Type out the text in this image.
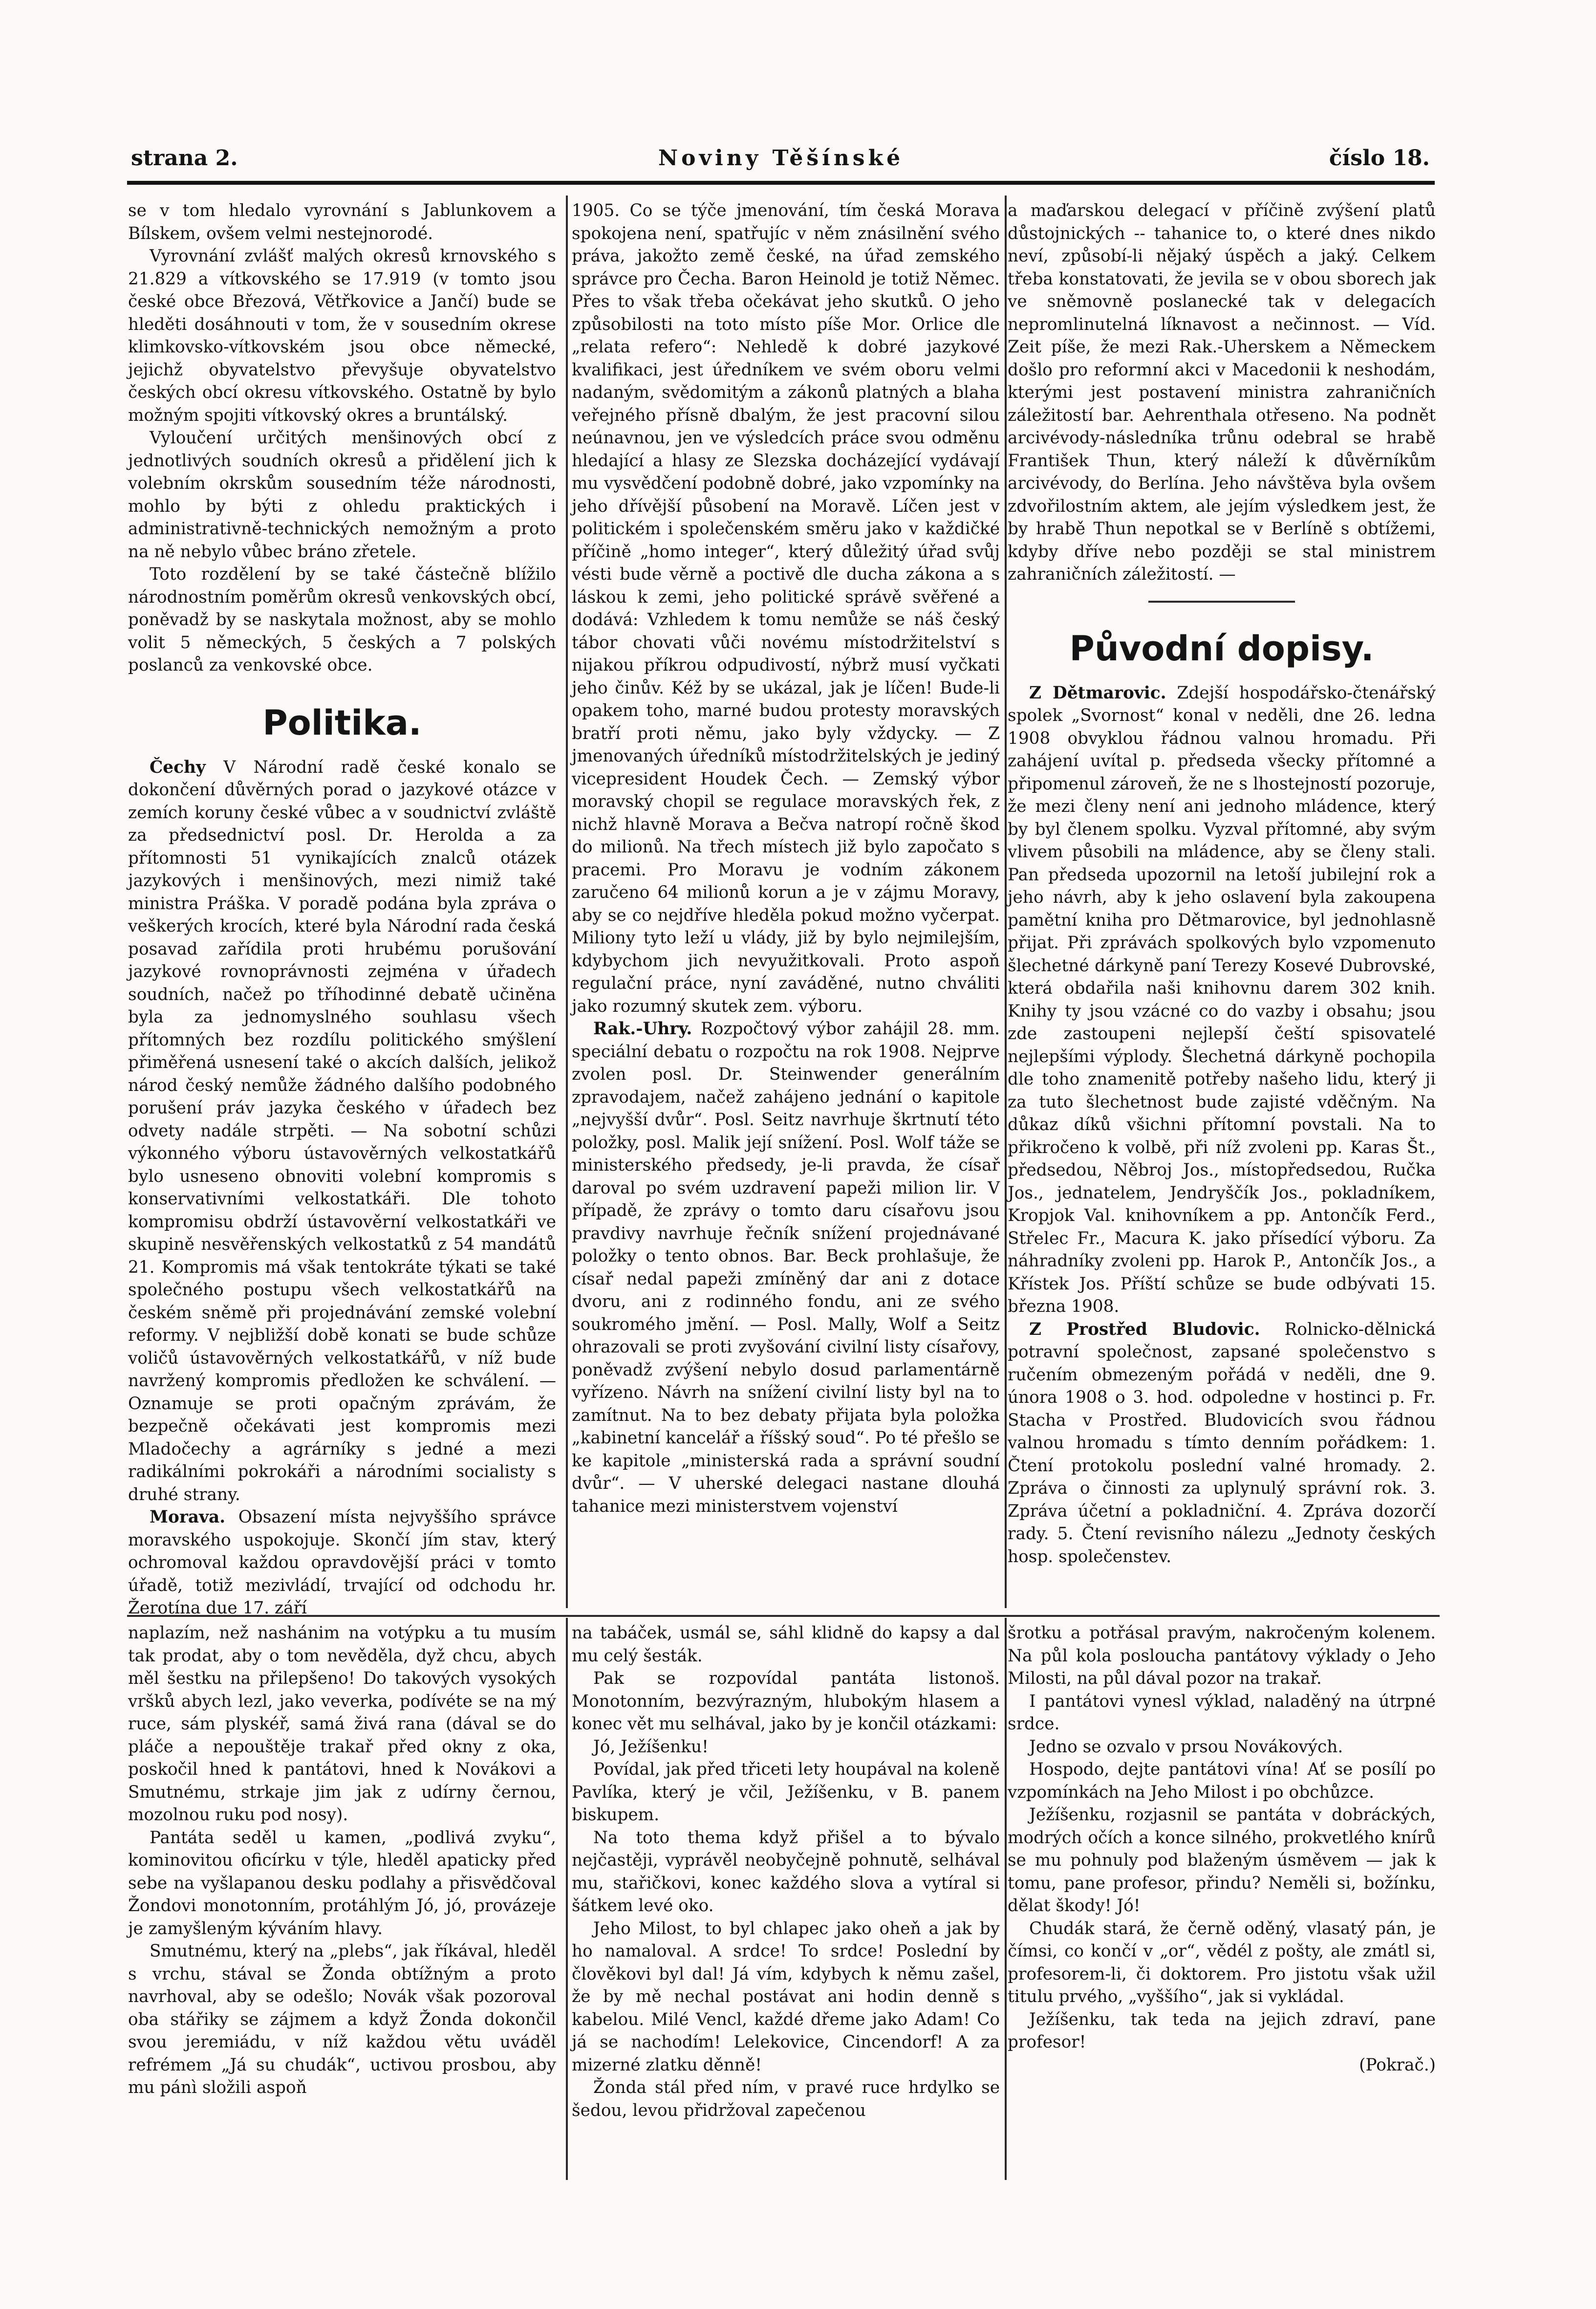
strana 2.	Noviny Těšínské	číslo 18.

se v tom hledalo vyrovnání s Jablunkovem a Bílskem, ovšem velmi nestejnorodé.

Vyrovnání zvlášť malých okresů krnovského s 21.829 a vítkovského se 17.919 (v tomto jsou české obce Březová, Větřkovice a Jančí) bude se hleděti dosáhnouti v tom, že v sousedním okrese klimkovsko-vítkovském jsou obce německé, jejichž obyvatelstvo převyšuje obyvatelstvo českých obcí okresu vítkovského. Ostatně by bylo možným spojiti vítkovský okres a bruntálský.

Vyloučení určitých menšinových obcí z jednotlivých soudních okresů a přidělení jich k volebním okrskům sousedním téže národnosti, mohlo by býti z ohledu praktických i administrativně-technických nemožným a proto na ně nebylo vůbec bráno zřetele.

Toto rozdělení by se také částečně blížilo národnostním poměrům okresů venkovských obcí, poněvadž by se naskytala možnost, aby se mohlo volit 5 německých, 5 českých a 7 polských poslanců za venkovské obce.

Politika.

Čechy V Národní radě české konalo se dokončení důvěrných porad o jazykové otázce v zemích koruny české vůbec a v soudnictví zvláště za předsednictví posl. Dr. Herolda a za přítomnosti 51 vynikajících znalců otázek jazykových i menšinových, mezi nimiž také ministra Práška. V poradě podána byla zpráva o veškerých krocích, které byla Národní rada česká posavad zařídila proti hrubému porušování jazykové rovnoprávnosti zejména v úřadech soudních, načež po tříhodinné debatě učiněna byla za jednomyslného souhlasu všech přítomných bez rozdílu politického smýšlení přiměřená usnesení také o akcích dalších, jelikož národ český nemůže žádného dalšího podobného porušení práv jazyka českého v úřadech bez odvety nadále strpěti. — Na sobotní schůzi výkonného výboru ústavověrných velkostatkářů bylo usneseno obnoviti volební kompromis s konservativními velkostatkáři. Dle tohoto kompromisu obdrží ústavověrní velkostatkáři ve skupině nesvěřenských velkostatků z 54 mandátů 21. Kompromis má však tentokráte týkati se také společného postupu všech velkostatkářů na českém sněmě při projednávání zemské volební reformy. V nejbližší době konati se bude schůze voličů ústavověrných velkostatkářů, v níž bude navržený kompromis předložen ke schválení. — Oznamuje se proti opačným zprávám, že bezpečně očekávati jest kompromis mezi Mladočechy a agrárníky s jedné a mezi radikálními pokrokáři a národními socialisty s druhé strany.

Morava. Obsazení místa nejvyššího správce moravského uspokojuje. Skončí jím stav, který ochromoval každou opravdovější práci v tomto úřadě, totiž mezivládí, trvající od odchodu hr. Žerotína due 17. září

1905. Co se týče jmenování, tím česká Morava spokojena není, spatřujíc v něm znásilnění svého práva, jakožto země české, na úřad zemského správce pro Čecha. Baron Heinold je totiž Němec. Přes to však třeba očekávat jeho skutků. O jeho způsobilosti na toto místo píše Mor. Orlice dle „relata refero“: Nehledě k dobré jazykové kvalifikaci, jest úředníkem ve svém oboru velmi nadaným, svědomitým a zákonů platných a blaha veřejného přísně dbalým, že jest pracovní silou neúnavnou, jen ve výsledcích práce svou odměnu hledající a hlasy ze Slezska docházející vydávají mu vysvědčení podobně dobré, jako vzpomínky na jeho dřívější působení na Moravě. Líčen jest v politickém i společenském směru jako v každičké příčině „homo integer“, který důležitý úřad svůj vésti bude věrně a poctivě dle ducha zákona a s láskou k zemi, jeho politické správě svěřené a dodává: Vzhledem k tomu nemůže se náš český tábor chovati vůči novému místodržitelství s nijakou příkrou odpudivostí, nýbrž musí vyčkati jeho činův. Kéž by se ukázal, jak je líčen! Bude-li opakem toho, marné budou protesty moravských bratří proti němu, jako byly vždycky. — Z jmenovaných úředníků místodržitelských je jediný vicepresident Houdek Čech. — Zemský výbor moravský chopil se regulace moravských řek, z nichž hlavně Morava a Bečva natropí ročně škod do milionů. Na třech místech již bylo započato s pracemi. Pro Moravu je vodním zákonem zaručeno 64 milionů korun a je v zájmu Moravy, aby se co nejdříve hleděla pokud možno vyčerpat. Miliony tyto leží u vlády, již by bylo nejmilejším, kdybychom jich nevyužitkovali. Proto aspoň regulační práce, nyní zaváděné, nutno chváliti jako rozumný skutek zem. výboru.

Rak.-Uhry. Rozpočtový výbor zahájil 28. mm. speciální debatu o rozpočtu na rok 1908. Nejprve zvolen posl. Dr. Steinwender generálním zpravodajem, načež zahájeno jednání o kapitole „nejvyšší dvůr“. Posl. Seitz navrhuje škrtnutí této položky, posl. Malik její snížení. Posl. Wolf táže se ministerského předsedy, je-li pravda, že císař daroval po svém uzdravení papeži milion lir. V případě, že zprávy o tomto daru císařovu jsou pravdivy navrhuje řečník snížení projednávané položky o tento obnos. Bar. Beck prohlašuje, že císař nedal papeži zmíněný dar ani z dotace dvoru, ani z rodinného fondu, ani ze svého soukromého jmění. — Posl. Mally, Wolf a Seitz ohrazovali se proti zvyšování civilní listy císařovy, poněvadž zvýšení nebylo dosud parlamentárně vyřízeno. Návrh na snížení civilní listy byl na to zamítnut. Na to bez debaty přijata byla položka „kabinetní kancelář a říšský soud“. Po té přešlo se ke kapitole „ministerská rada a správní soudní dvůr“. — V uherské delegaci nastane dlouhá tahanice mezi ministerstvem vojenství

a maďarskou delegací v příčině zvýšení platů důstojnických -- tahanice to, o které dnes nikdo neví, způsobí-li nějaký úspěch a jaký. Celkem třeba konstatovati, že jevila se v obou sborech jak ve sněmovně poslanecké tak v delegacích nepromlinutelná líknavost a nečinnost. — Víd. Zeit píše, že mezi Rak.-Uherskem a Německem došlo pro reformní akci v Macedonii k neshodám, kterými jest postavení ministra zahraničních záležitostí bar. Aehrenthala otřeseno. Na podnět arcivévody-následníka trůnu odebral se hrabě František Thun, který náleží k důvěrníkům arcivévody, do Berlína. Jeho návštěva byla ovšem zdvořilostním aktem, ale jejím výsledkem jest, že by hrabě Thun nepotkal se v Berlíně s obtížemi, kdyby dříve nebo později se stal ministrem zahraničních záležitostí. —

Původní dopisy.

Z Dětmarovic. Zdejší hospodářsko-čtenářský spolek „Svornost“ konal v neděli, dne 26. ledna 1908 obvyklou řádnou valnou hromadu. Při zahájení uvítal p. předseda všecky přítomné a připomenul zároveň, že ne s lhostejností pozoruje, že mezi členy není ani jednoho mládence, který by byl členem spolku. Vyzval přítomné, aby svým vlivem působili na mládence, aby se členy stali. Pan předseda upozornil na letoší jubilejní rok a jeho návrh, aby k jeho oslavení byla zakoupena pamětní kniha pro Dětmarovice, byl jednohlasně přijat. Při zprávách spolkových bylo vzpomenuto šlechetné dárkyně paní Terezy Kosevé Dubrovské, která obdařila naši knihovnu darem 302 knih. Knihy ty jsou vzácné co do vazby i obsahu; jsou zde zastoupeni nejlepší čeští spisovatelé nejlepšími výplody. Šlechetná dárkyně pochopila dle toho znamenitě potřeby našeho lidu, který ji za tuto šlechetnost bude zajisté vděčným. Na důkaz díků všichni přítomní povstali. Na to přikročeno k volbě, při níž zvoleni pp. Karas Št., předsedou, Něbroj Jos., místopředsedou, Ručka Jos., jednatelem, Jendryščík Jos., pokladníkem, Kropjok Val. knihovníkem a pp. Antončík Ferd., Střelec Fr., Macura K. jako přísedící výboru. Za náhradníky zvoleni pp. Harok P., Antončík Jos., a Křístek Jos. Příští schůze se bude odbývati 15. března 1908.

Z Prostřed Bludovic. Rolnicko-dělnická potravní společnost, zapsané společenstvo s ručením obmezeným pořádá v neděli, dne 9. února 1908 o 3. hod. odpoledne v hostinci p. Fr. Stacha v Prostřed. Bludovicích svou řádnou valnou hromadu s tímto denním pořádkem: 1. Čtení protokolu poslední valné hromady. 2. Zpráva o činnosti za uplynulý správní rok. 3. Zpráva účetní a pokladniční. 4. Zpráva dozorčí rady. 5. Čtení revisního nálezu „Jednoty českých hosp. společenstev.

naplazím, než nashánim na votýpku a tu musím tak prodat, aby o tom nevěděla, dyž chcu, abych měl šestku na přilepšeno! Do takových vysokých vršků abych lezl, jako veverka, podívéte se na mý ruce, sám plyskéř, samá živá rana (dával se do pláče a nepouštěje trakař před okny z oka, poskočil hned k pantátovi, hned k Novákovi a Smutnému, strkaje jim jak z udírny černou, mozolnou ruku pod nosy).

Pantáta seděl u kamen, „podlivá zvyku“, kominovitou oficírku v týle, hleděl apaticky před sebe na vyšlapanou desku podlahy a přisvědčoval Žondovi monotonním, protáhlým Jó, jó, provázeje je zamyšleným kýváním hlavy.

Smutnému, který na „plebs“, jak říkával, hleděl s vrchu, stával se Žonda obtížným a proto navrhoval, aby se odešlo; Novák však pozoroval oba stářiky se zájmem a když Žonda dokončil svou jeremiádu, v níž každou větu uváděl refrémem „Já su chudák“, uctivou prosbou, aby mu pánì složili aspoň

na tabáček, usmál se, sáhl klidně do kapsy a dal mu celý šesták.

Pak se rozpovídal pantáta listonoš. Monotonním, bezvýrazným, hlubokým hlasem a konec vět mu selhával, jako by je končil otázkami:

Jó, Ježíšenku!

Povídal, jak před třiceti lety houpával na koleně Pavlíka, který je včil, Ježíšenku, v B. panem biskupem.

Na toto thema když přišel a to bývalo nejčastěji, vyprávěl neobyčejně pohnutě, selhával mu, stařičkovi, konec každého slova a vytíral si šátkem levé oko.

Jeho Milost, to byl chlapec jako oheň a jak by ho namaloval. A srdce! To srdce! Poslední by člověkovi byl dal! Já vím, kdybych k němu zašel, že by mě nechal postávat ani hodin denně s kabelou. Milé Vencl, každé dřeme jako Adam! Co já se nachodím! Lelekovice, Cincendorf! A za mizerné zlatku děnně!

Žonda stál před ním, v pravé ruce hrdylko se šedou, levou přidržoval zapečenou

šrotku a potřásal pravým, nakročeným kolenem. Na půl kola posloucha pantátovy výklady o Jeho Milosti, na půl dával pozor na trakař.

I pantátovi vynesl výklad, naladěný na útrpné srdce.

Jedno se ozvalo v prsou Novákových.

Hospodo, dejte pantátovi vína! Ať se posílí po vzpomínkách na Jeho Milost i po obchůzce.

Ježíšenku, rozjasnil se pantáta v dobráckých, modrých očích a konce silného, prokvetlého knírů se mu pohnuly pod blaženým úsměvem — jak k tomu, pane profesor, přindu? Neměli si, božínku, dělat škody! Jó!

Chudák stará, že černě oděný, vlasatý pán, je čímsi, co končí v „or“, vědél z pošty, ale zmátl si, profesorem-li, či doktorem. Pro jistotu však užil titulu prvého, „vyššího“, jak si vykládal.

Ježíšenku, tak teda na jejich zdraví, pane profesor!

(Pokrač.)
